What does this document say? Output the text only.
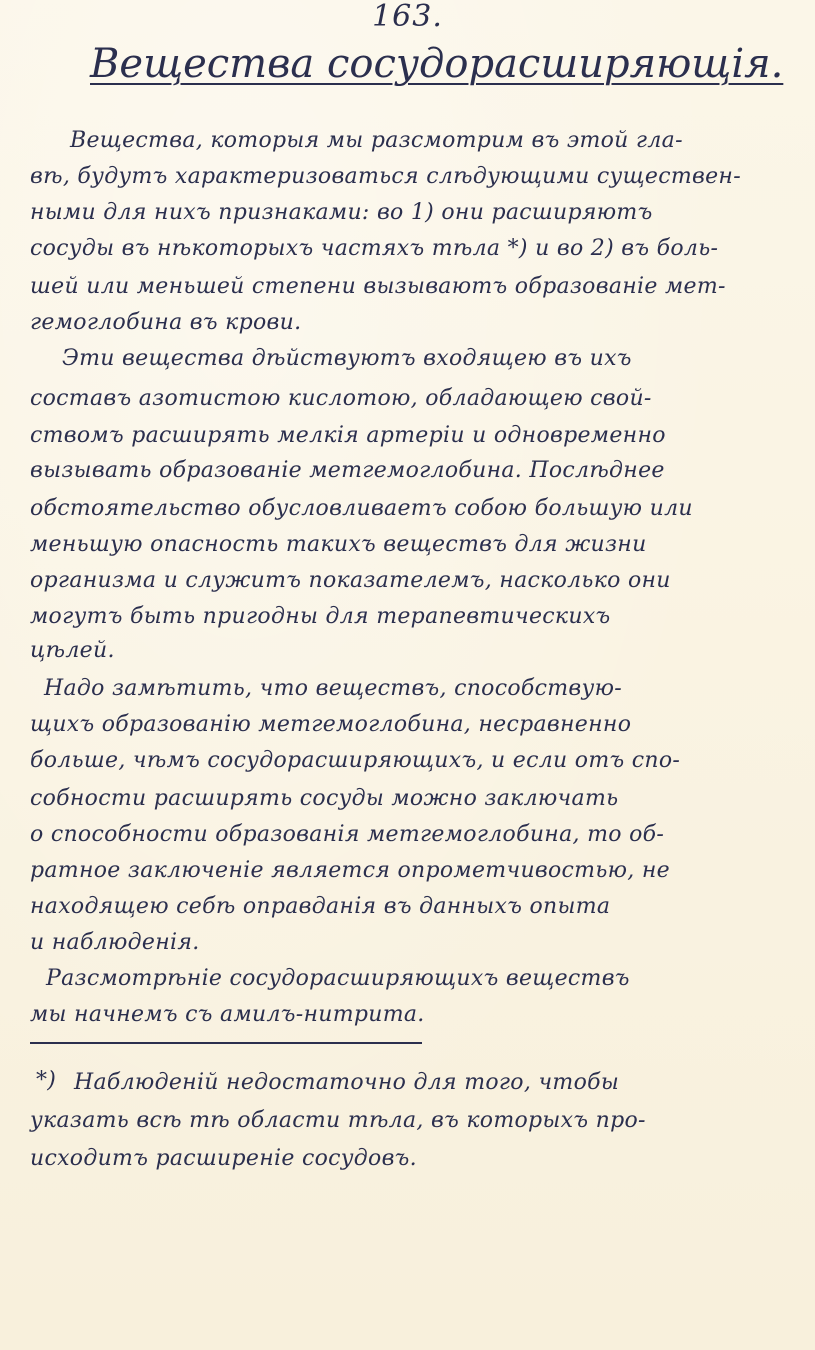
163.
Вещества сосудорасширяющія.
Вещества, которыя мы разсмотрим въ этой гла-
вѣ, будутъ характеризоваться слѣдующими существен-
ными для нихъ признаками: во 1) они расширяютъ
сосуды въ нѣкоторыхъ частяхъ тѣла *) и во 2) въ боль-
шей или меньшей степени вызываютъ образованіе мет-
гемоглобина въ крови.
Эти вещества дѣйствуютъ входящею въ ихъ
составъ азотистою кислотою, обладающею свой-
ствомъ расширять мелкія артеріи и одновременно
вызывать образованіе метгемоглобина. Послѣднее
обстоятельство обусловливаетъ собою большую или
меньшую опасность такихъ веществъ для жизни
организма и служитъ показателемъ, насколько они
могутъ быть пригодны для терапевтическихъ
цѣлей.
Надо замѣтить, что веществъ, способствую-
щихъ образованію метгемоглобина, несравненно
больше, чѣмъ сосудорасширяющихъ, и если отъ спо-
собности расширять сосуды можно заключать
о способности образованія метгемоглобина, то об-
ратное заключеніе является опрометчивостью, не
находящею себѣ оправданія въ данныхъ опыта
и наблюденія.
Разсмотрѣніе сосудорасширяющихъ веществъ
мы начнемъ съ амилъ-нитрита.
*) Наблюденій недостаточно для того, чтобы
указать всѣ тѣ области тѣла, въ которыхъ про-
исходитъ расширеніе сосудовъ.
